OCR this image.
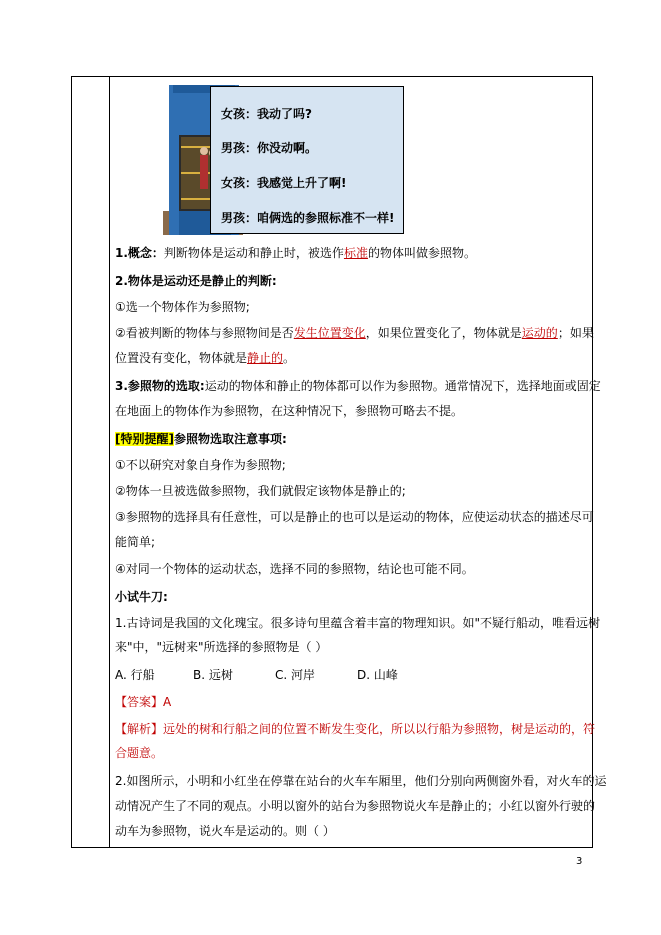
女孩：我动了吗?
男孩：你没动啊。
女孩：我感觉上升了啊!
男孩：咱俩选的参照标准不一样!
1.概念：判断物体是运动和静止时，被选作标准的物体叫做参照物。
2.物体是运动还是静止的判断:
①选一个物体作为参照物;
②看被判断的物体与参照物间是否发生位置变化，如果位置变化了，物体就是运动的；如果
位置没有变化，物体就是静止的。
3.参照物的选取:运动的物体和静止的物体都可以作为参照物。通常情况下，选择地面或固定
在地面上的物体作为参照物，在这种情况下，参照物可略去不提。
[特别提醒]参照物选取注意事项:
①不以研究对象自身作为参照物;
②物体一旦被选做参照物，我们就假定该物体是静止的;
③参照物的选择具有任意性，可以是静止的也可以是运动的物体，应使运动状态的描述尽可
能简单;
④对同一个物体的运动状态，选择不同的参照物，结论也可能不同。
小试牛刀:
1.古诗词是我国的文化瑰宝。很多诗句里蕴含着丰富的物理知识。如"不疑行船动，唯看远树
来"中，"远树来"所选择的参照物是（ ）
A. 行船	B. 远树	C. 河岸	D. 山峰
【答案】A
【解析】远处的树和行船之间的位置不断发生变化，所以以行船为参照物，树是运动的，符
合题意。
2.如图所示，小明和小红坐在停靠在站台的火车车厢里，他们分别向两侧窗外看，对火车的运
动情况产生了不同的观点。小明以窗外的站台为参照物说火车是静止的；小红以窗外行驶的
动车为参照物，说火车是运动的。则（ ）
3
